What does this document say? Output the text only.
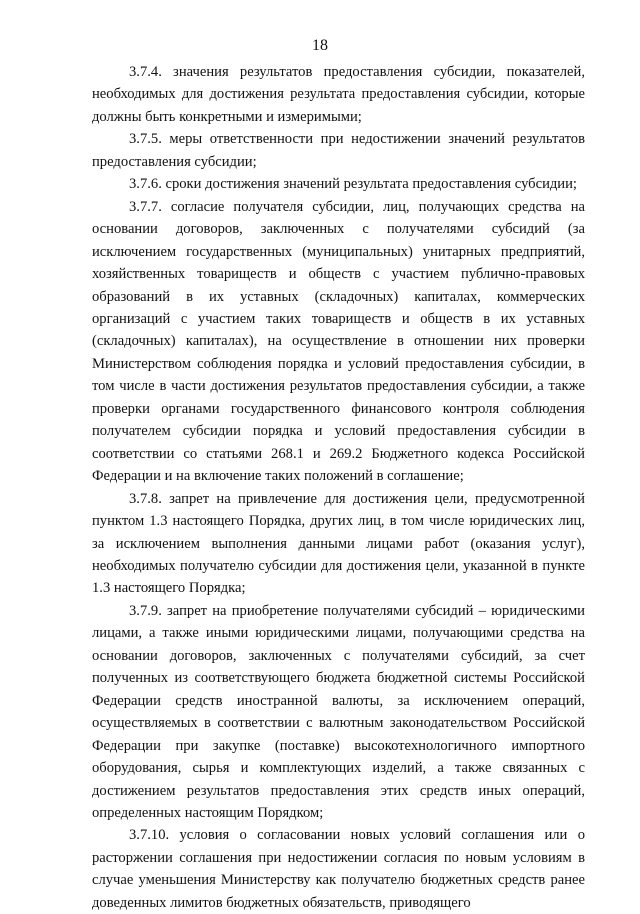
18

3.7.4. значения результатов предоставления субсидии, показателей, необходимых для достижения результата предоставления субсидии, которые должны быть конкретными и измеримыми;

3.7.5. меры ответственности при недостижении значений результатов предоставления субсидии;

3.7.6. сроки достижения значений результата предоставления субсидии;

3.7.7. согласие получателя субсидии, лиц, получающих средства на основании договоров, заключенных с получателями субсидий (за исключением государственных (муниципальных) унитарных предприятий, хозяйственных товариществ и обществ с участием публично-правовых образований в их уставных (складочных) капиталах, коммерческих организаций с участием таких товариществ и обществ в их уставных (складочных) капиталах), на осуществление в отношении них проверки Министерством соблюдения порядка и условий предоставления субсидии, в том числе в части достижения результатов предоставления субсидии, а также проверки органами государственного финансового контроля соблюдения получателем субсидии порядка и условий предоставления субсидии в соответствии со статьями 268.1 и 269.2 Бюджетного кодекса Российской Федерации и на включение таких положений в соглашение;

3.7.8. запрет на привлечение для достижения цели, предусмотренной пунктом 1.3 настоящего Порядка, других лиц, в том числе юридических лиц, за исключением выполнения данными лицами работ (оказания услуг), необходимых получателю субсидии для достижения цели, указанной в пункте 1.3 настоящего Порядка;

3.7.9. запрет на приобретение получателями субсидий – юридическими лицами, а также иными юридическими лицами, получающими средства на основании договоров, заключенных с получателями субсидий, за счет полученных из соответствующего бюджета бюджетной системы Российской Федерации средств иностранной валюты, за исключением операций, осуществляемых в соответствии с валютным законодательством Российской Федерации при закупке (поставке) высокотехнологичного импортного оборудования, сырья и комплектующих изделий, а также связанных с достижением результатов предоставления этих средств иных операций, определенных настоящим Порядком;

3.7.10. условия о согласовании новых условий соглашения или о расторжении соглашения при недостижении согласия по новым условиям в случае уменьшения Министерству как получателю бюджетных средств ранее доведенных лимитов бюджетных обязательств, приводящего
